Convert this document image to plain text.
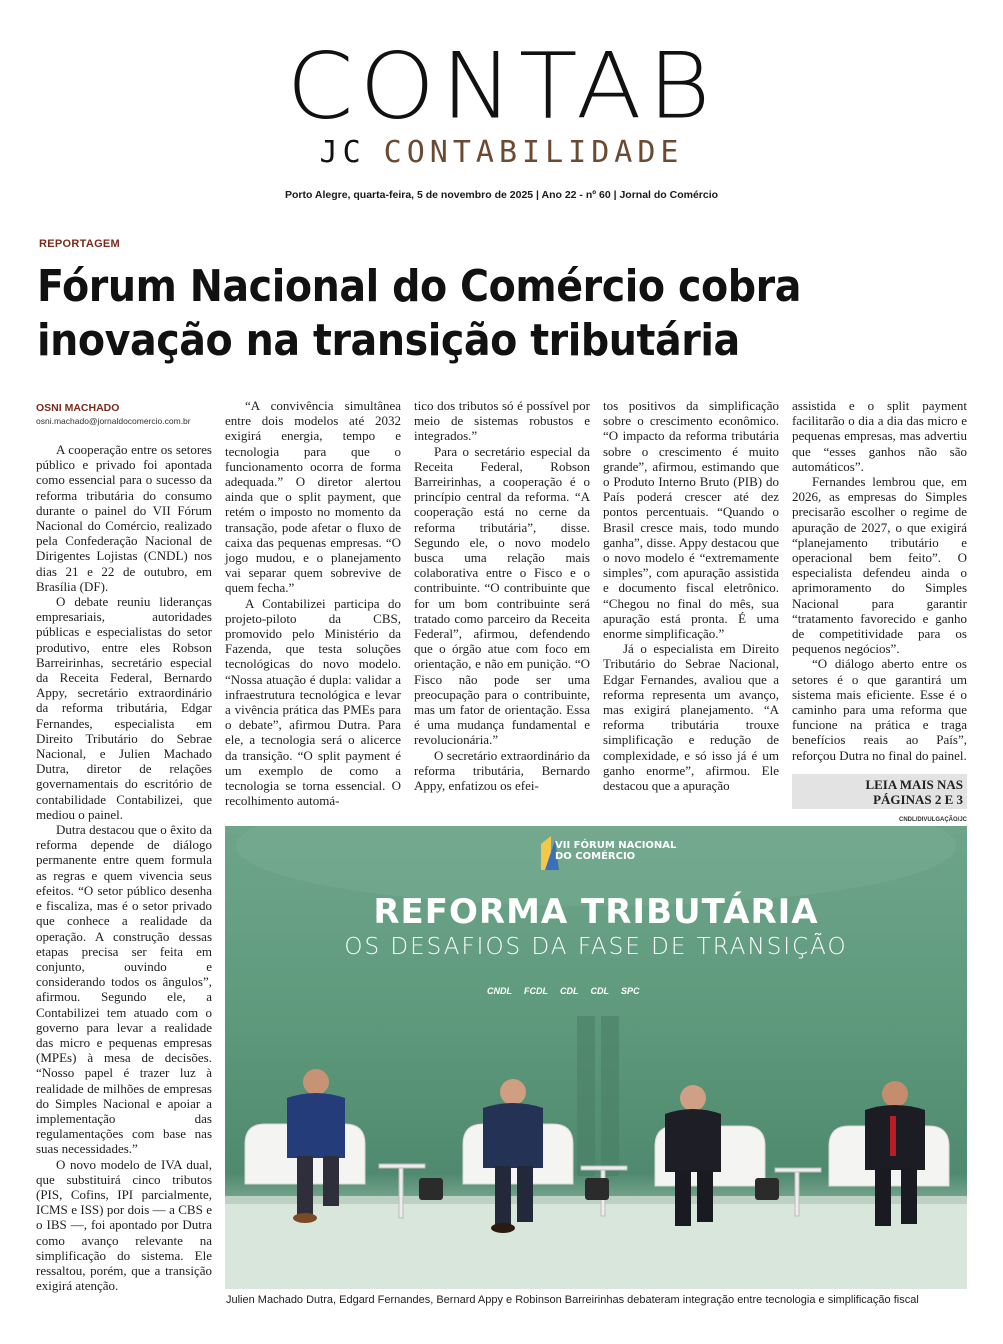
CONTAB
JC CONTABILIDADE
Porto Alegre, quarta-feira, 5 de novembro de 2025 | Ano 22 - nº 60 | Jornal do Comércio
REPORTAGEM
Fórum Nacional do Comércio cobra inovação na transição tributária
OSNI MACHADO
osni.machado@jornaldocomercio.com.br

A cooperação entre os setores público e privado foi apontada como essencial para o sucesso da reforma tributária do consumo durante o painel do VII Fórum Nacional do Comércio, realizado pela Confederação Nacional de Dirigentes Lojistas (CNDL) nos dias 21 e 22 de outubro, em Brasília (DF).

O debate reuniu lideranças empresariais, autoridades públicas e especialistas do setor produtivo, entre eles Robson Barreirinhas, secretário especial da Receita Federal, Bernardo Appy, secretário extraordinário da reforma tributária, Edgar Fernandes, especialista em Direito Tributário do Sebrae Nacional, e Julien Machado Dutra, diretor de relações governamentais do escritório de contabilidade Contabilizei, que mediou o painel.

Dutra destacou que o êxito da reforma depende de diálogo permanente entre quem formula as regras e quem vivencia seus efeitos. “O setor público desenha e fiscaliza, mas é o setor privado que conhece a realidade da operação. A construção dessas etapas precisa ser feita em conjunto, ouvindo e considerando todos os ângulos”, afirmou. Segundo ele, a Contabilizei tem atuado com o governo para levar a realidade das micro e pequenas empresas (MPEs) à mesa de decisões. “Nosso papel é trazer luz à realidade de milhões de empresas do Simples Nacional e apoiar a implementação das regulamentações com base nas suas necessidades.”

O novo modelo de IVA dual, que substituirá cinco tributos (PIS, Cofins, IPI parcialmente, ICMS e ISS) por dois — a CBS e o IBS —, foi apontado por Dutra como avanço relevante na simplificação do sistema. Ele ressaltou, porém, que a transição exigirá atenção.

“A convivência simultânea entre dois modelos até 2032 exigirá energia, tempo e tecnologia para que o funcionamento ocorra de forma adequada.” O diretor alertou ainda que o split payment, que retém o imposto no momento da transação, pode afetar o fluxo de caixa das pequenas empresas. “O jogo mudou, e o planejamento vai separar quem sobrevive de quem fecha.”

A Contabilizei participa do projeto-piloto da CBS, promovido pelo Ministério da Fazenda, que testa soluções tecnológicas do novo modelo. “Nossa atuação é dupla: validar a infraestrutura tecnológica e levar a vivência prática das PMEs para o debate”, afirmou Dutra. Para ele, a tecnologia será o alicerce da transição. “O split payment é um exemplo de como a tecnologia se torna essencial. O recolhimento automá-

tico dos tributos só é possível por meio de sistemas robustos e integrados.”

Para o secretário especial da Receita Federal, Robson Barreirinhas, a cooperação é o princípio central da reforma. “A cooperação está no cerne da reforma tributária”, disse. Segundo ele, o novo modelo busca uma relação mais colaborativa entre o Fisco e o contribuinte. “O contribuinte que for um bom contribuinte será tratado como parceiro da Receita Federal”, afirmou, defendendo que o órgão atue com foco em orientação, e não em punição. “O Fisco não pode ser uma preocupação para o contribuinte, mas um fator de orientação. Essa é uma mudança fundamental e revolucionária.”

O secretário extraordinário da reforma tributária, Bernardo Appy, enfatizou os efei-

tos positivos da simplificação sobre o crescimento econômico. “O impacto da reforma tributária sobre o crescimento é muito grande”, afirmou, estimando que o Produto Interno Bruto (PIB) do País poderá crescer até dez pontos percentuais. “Quando o Brasil cresce mais, todo mundo ganha”, disse. Appy destacou que o novo modelo é “extremamente simples”, com apuração assistida e documento fiscal eletrônico. “Chegou no final do mês, sua apuração está pronta. É uma enorme simplificação.”

Já o especialista em Direito Tributário do Sebrae Nacional, Edgar Fernandes, avaliou que a reforma representa um avanço, mas exigirá planejamento. “A reforma tributária trouxe simplificação e redução de complexidade, e só isso já é um ganho enorme”, afirmou. Ele destacou que a apuração

assistida e o split payment facilitarão o dia a dia das micro e pequenas empresas, mas advertiu que “esses ganhos não são automáticos”.

Fernandes lembrou que, em 2026, as empresas do Simples precisarão escolher o regime de apuração de 2027, o que exigirá “planejamento tributário e operacional bem feito”. O especialista defendeu ainda o aprimoramento do Simples Nacional para garantir “tratamento favorecido e ganho de competitividade para os pequenos negócios”.

“O diálogo aberto entre os setores é o que garantirá um sistema mais eficiente. Esse é o caminho para uma reforma que funcione na prática e traga benefícios reais ao País”, reforçou Dutra no final do painel.

LEIA MAIS NAS
PÁGINAS 2 E 3
CNDL/DIVULGAÇÃO/JC
VII FÓRUM NACIONAL
DO COMÉRCIO
REFORMA TRIBUTÁRIA
OS DESAFIOS DA FASE DE TRANSIÇÃO
CNDL FCDL CDL CDL SPC
Julien Machado Dutra, Edgard Fernandes, Bernard Appy e Robinson Barreirinhas debateram integração entre tecnologia e simplificação fiscal
